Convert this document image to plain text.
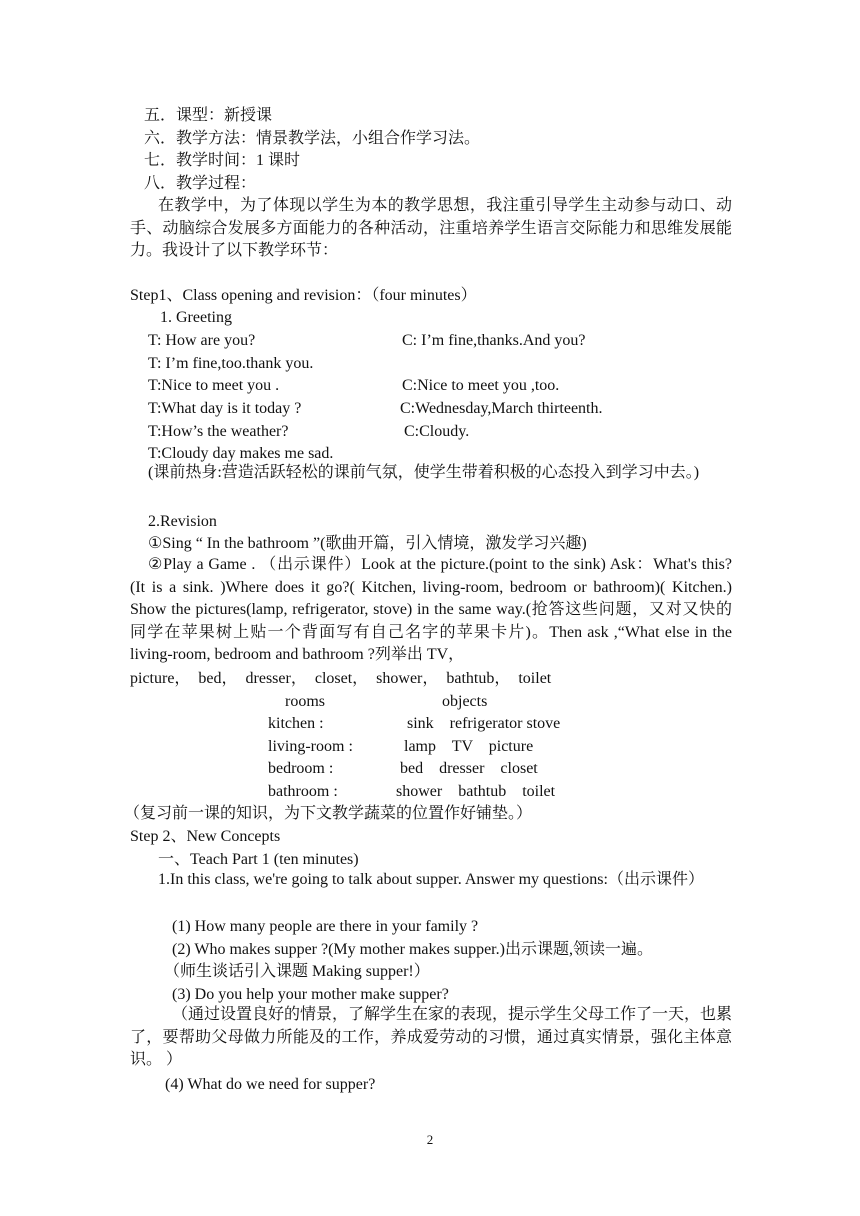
五．课型：新授课
六．教学方法：情景教学法，小组合作学习法。
七．教学时间：1 课时
八．教学过程：
在教学中，为了体现以学生为本的教学思想，我注重引导学生主动参与动口、动手、动脑综合发展多方面能力的各种活动，注重培养学生语言交际能力和思维发展能力。我设计了以下教学环节：
Step1、Class opening and revision：（four minutes）
1. Greeting
T: How are you?	C: I’m fine,thanks.And you?
T: I’m fine,too.thank you.
T:Nice to meet you .	C:Nice to meet you ,too.
T:What day is it today ?	C:Wednesday,March thirteenth.
T:How’s the weather?	C:Cloudy.
T:Cloudy day makes me sad.
(课前热身:营造活跃轻松的课前气氛，使学生带着积极的心态投入到学习中去。)
2.Revision
①Sing “ In the bathroom ”(歌曲开篇，引入情境，激发学习兴趣)
②Play a Game . （出示课件）Look at the picture.(point to the sink) Ask：What's this? (It is a sink. )Where does it go?( Kitchen, living-room, bedroom or bathroom)( Kitchen.) Show the pictures(lamp, refrigerator, stove) in the same way.(抢答这些问题，又对又快的同学在苹果树上贴一个背面写有自己名字的苹果卡片)。Then ask ,“What else in the living-room, bedroom and bathroom ?列举出 TV，
picture， bed， dresser， closet， shower， bathtub， toilet
rooms	objects
kitchen :	sink    refrigerator stove
living-room :	lamp    TV    picture
bedroom :	bed    dresser    closet
bathroom :	shower    bathtub    toilet
（复习前一课的知识，为下文教学蔬菜的位置作好铺垫。）
Step 2、New Concepts
一、Teach Part 1 (ten minutes)
1.In this class, we're going to talk about supper. Answer my questions:（出示课件）
(1) How many people are there in your family ?
(2) Who makes supper ?(My mother makes supper.)出示课题,领读一遍。
（师生谈话引入课题 Making supper!）
(3) Do you help your mother make supper?
（通过设置良好的情景，了解学生在家的表现，提示学生父母工作了一天，也累了，要帮助父母做力所能及的工作，养成爱劳动的习惯，通过真实情景，强化主体意识。 ）
(4) What do we need for supper?
2
